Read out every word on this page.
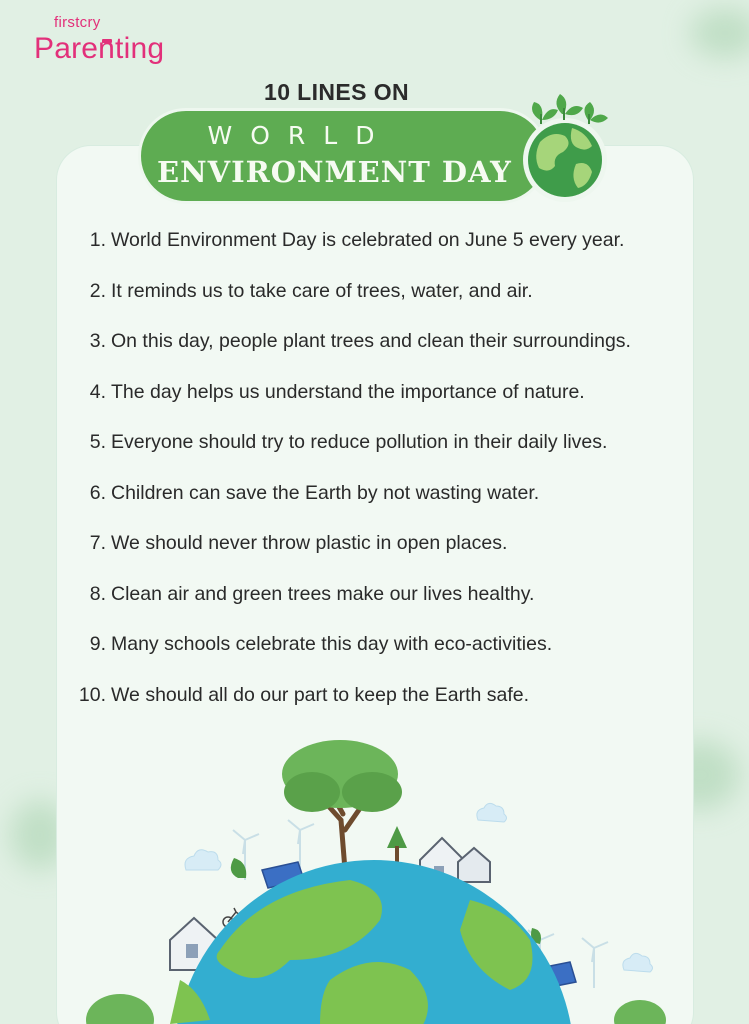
firstcry
Parenting
10 LINES ON
WORLD
ENVIRONMENT DAY
1. World Environment Day is celebrated on June 5 every year.
2. It reminds us to take care of trees, water, and air.
3. On this day, people plant trees and clean their surroundings.
4. The day helps us understand the importance of nature.
5. Everyone should try to reduce pollution in their daily lives.
6. Children can save the Earth by not wasting water.
7. We should never throw plastic in open places.
8. Clean air and green trees make our lives healthy.
9. Many schools celebrate this day with eco-activities.
10. We should all do our part to keep the Earth safe.
